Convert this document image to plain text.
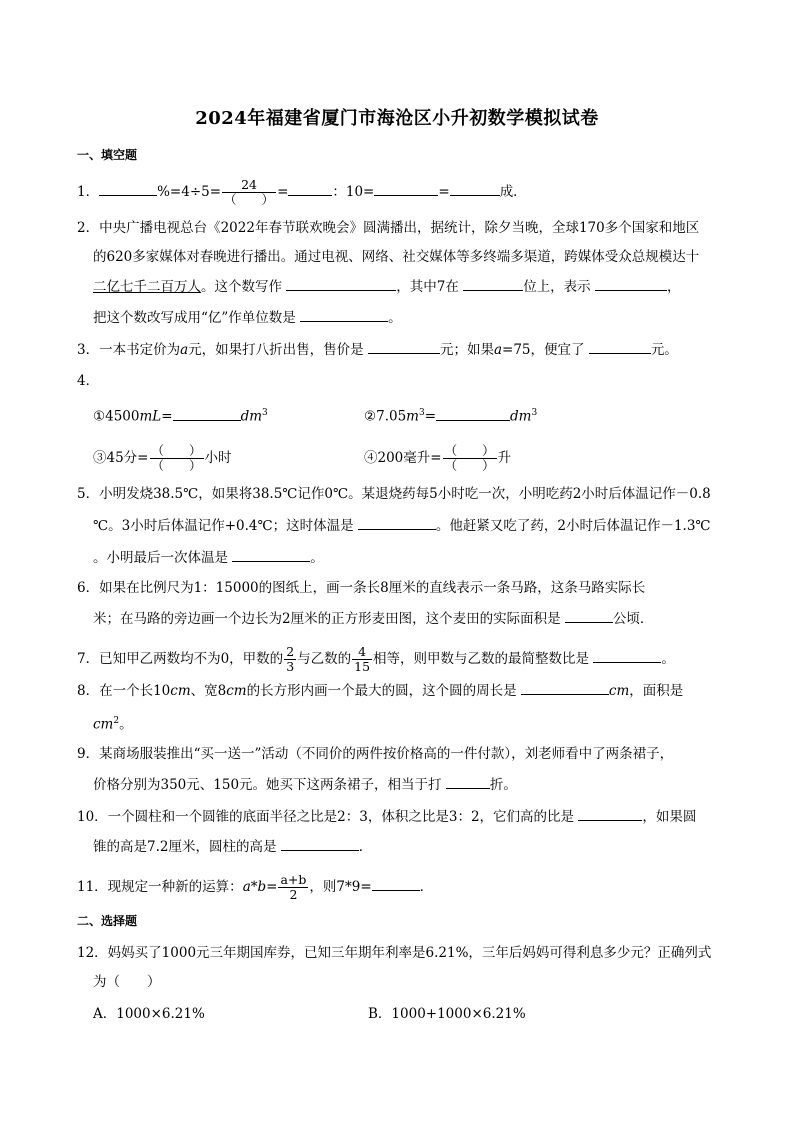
2024年福建省厦门市海沧区小升初数学模拟试卷
一、填空题
1．	$\%=4\div 5= \frac{24}{( )}$ =	：10=	=	成．
2．中央广播电视总台《2022年春节联欢晚会》圆满播出，据统计，除夕当晚，全球170多个国家和地区
的620多家媒体对春晚进行播出。通过电视、网络、社交媒体等多终端多渠道，跨媒体受众总规模达十
二亿七千二百万人。这个数写作	，其中7在	位上，表示	，
把这个数改写成用“亿”作单位数是	。
3．一本书定价为a元，如果打八折出售，售价是	元；如果a=75，便宜了	元。
4．
①4500mL=	$dm^3$	$②7.05m^3=$	$dm^3$
③45分= $\frac{( )}{( )}$ 小时	④200毫升= $\frac{( )}{( )}$ 升
5．小明发烧38.5℃，如果将38.5℃记作0℃。某退烧药每5小时吃一次，小明吃药2小时后体温记作－0.8
℃。3小时后体温记作+0.4℃；这时体温是	。他赶紧又吃了药，2小时后体温记作－1.3℃
。小明最后一次体温是	。
6．如果在比例尺为1：15000的图纸上，画一条长8厘米的直线表示一条马路，这条马路实际长
米；在马路的旁边画一个边长为2厘米的正方形麦田图，这个麦田的实际面积是	公顷．
7．已知甲乙两数均不为0，甲数的 $\frac{2}{3}$ 与乙数的 $\frac{4}{15}$ 相等，则甲数与乙数的最简整数比是	。
8．在一个长10cm、宽8cm的长方形内画一个最大的圆，这个圆的周长是	cm，面积是
$cm^2$。
9．某商场服装推出“买一送一”活动（不同价的两件按价格高的一件付款），刘老师看中了两条裙子，
价格分别为350元、150元。她买下这两条裙子，相当于打	折。
10．一个圆柱和一个圆锥的底面半径之比是2：3，体积之比是3：2，它们高的比是	，如果圆
锥的高是7.2厘米，圆柱的高是	．
11．现规定一种新的运算：$a*b= \frac{a+b}{2}$ ，则7*9=	．
二、选择题
12．妈妈买了1000元三年期国库券，已知三年期年利率是6.21%，三年后妈妈可得利息多少元？正确列式
为（　　）
A．1000×6.21%	B．1000+1000×6.21%
